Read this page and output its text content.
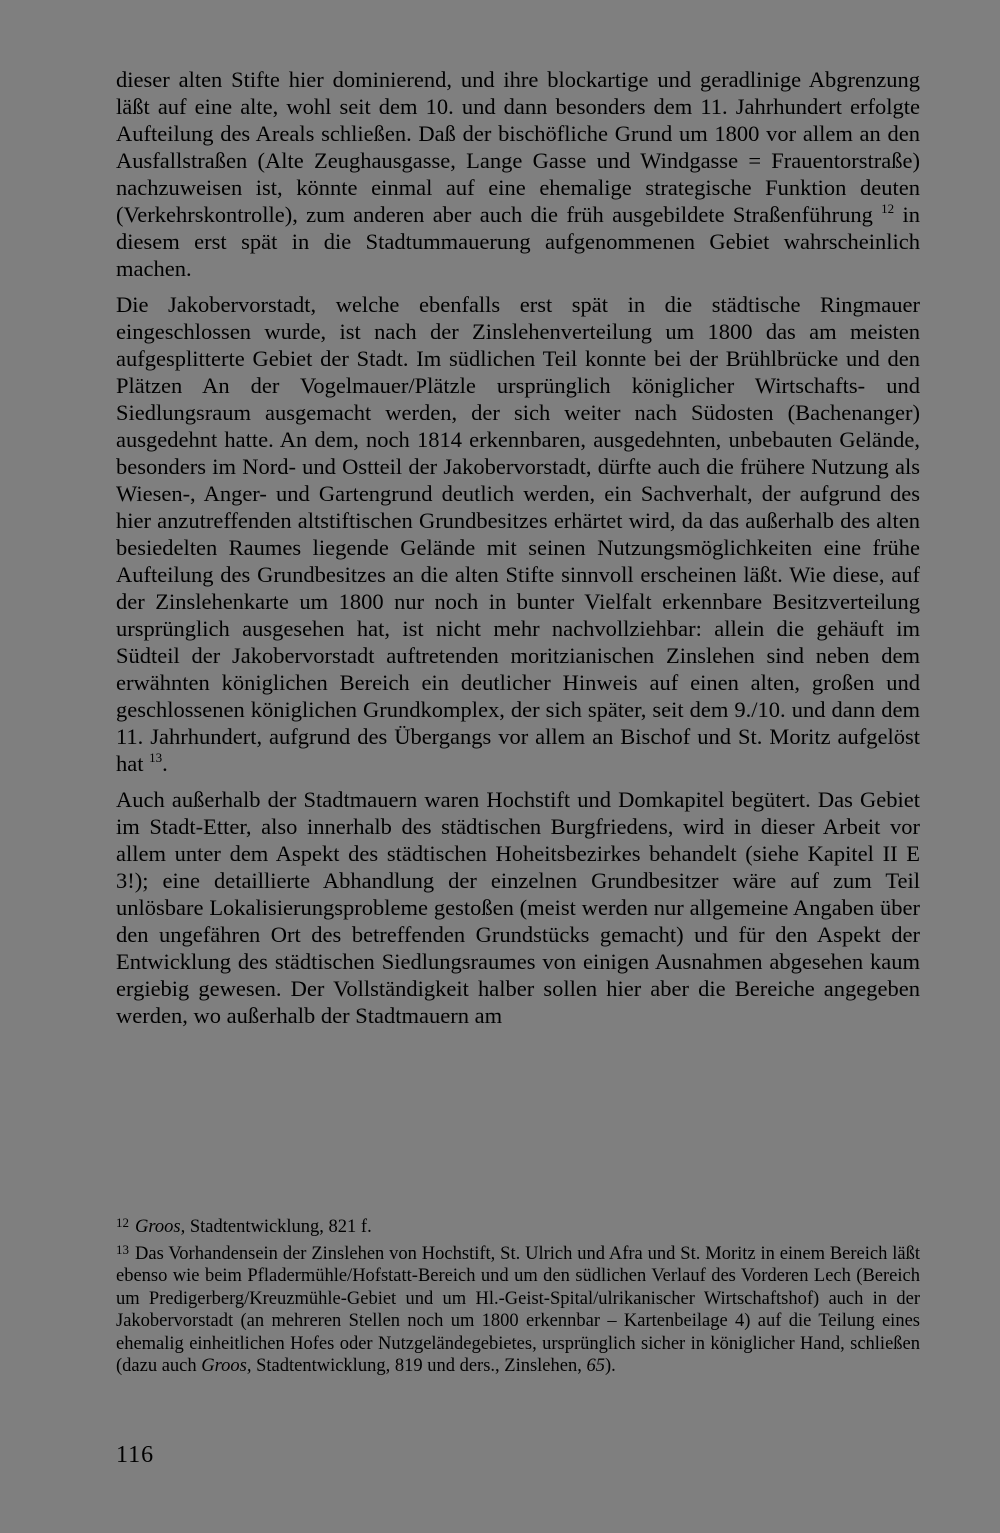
dieser alten Stifte hier dominierend, und ihre blockartige und geradlinige Abgrenzung läßt auf eine alte, wohl seit dem 10. und dann besonders dem 11. Jahrhundert erfolgte Aufteilung des Areals schließen. Daß der bischöfliche Grund um 1800 vor allem an den Ausfallstraßen (Alte Zeughausgasse, Lange Gasse und Windgasse = Frauentorstraße) nachzuweisen ist, könnte einmal auf eine ehemalige strategische Funktion deuten (Verkehrskontrolle), zum anderen aber auch die früh ausgebildete Straßenführung $^{12}$ in diesem erst spät in die Stadtummauerung aufgenommenen Gebiet wahrscheinlich machen.

Die Jakobervorstadt, welche ebenfalls erst spät in die städtische Ringmauer eingeschlossen wurde, ist nach der Zinslehenverteilung um 1800 das am meisten aufgesplitterte Gebiet der Stadt. Im südlichen Teil konnte bei der Brühlbrücke und den Plätzen An der Vogelmauer/Plätzle ursprünglich königlicher Wirtschafts- und Siedlungsraum ausgemacht werden, der sich weiter nach Südosten (Bachenanger) ausgedehnt hatte. An dem, noch 1814 erkennbaren, ausgedehnten, unbebauten Gelände, besonders im Nord- und Ostteil der Jakobervorstadt, dürfte auch die frühere Nutzung als Wiesen-, Anger- und Gartengrund deutlich werden, ein Sachverhalt, der aufgrund des hier anzutreffenden altstiftischen Grundbesitzes erhärtet wird, da das außerhalb des alten besiedelten Raumes liegende Gelände mit seinen Nutzungsmöglichkeiten eine frühe Aufteilung des Grundbesitzes an die alten Stifte sinnvoll erscheinen läßt. Wie diese, auf der Zinslehenkarte um 1800 nur noch in bunter Vielfalt erkennbare Besitzverteilung ursprünglich ausgesehen hat, ist nicht mehr nachvollziehbar: allein die gehäuft im Südteil der Jakobervorstadt auftretenden moritzianischen Zinslehen sind neben dem erwähnten königlichen Bereich ein deutlicher Hinweis auf einen alten, großen und geschlossenen königlichen Grundkomplex, der sich später, seit dem 9./10. und dann dem 11. Jahrhundert, aufgrund des Übergangs vor allem an Bischof und St. Moritz aufgelöst hat $^{13}$.

Auch außerhalb der Stadtmauern waren Hochstift und Domkapitel begütert. Das Gebiet im Stadt-Etter, also innerhalb des städtischen Burgfriedens, wird in dieser Arbeit vor allem unter dem Aspekt des städtischen Hoheitsbezirkes behandelt (siehe Kapitel II E 3!); eine detaillierte Abhandlung der einzelnen Grundbesitzer wäre auf zum Teil unlösbare Lokalisierungsprobleme gestoßen (meist werden nur allgemeine Angaben über den ungefähren Ort des betreffenden Grundstücks gemacht) und für den Aspekt der Entwicklung des städtischen Siedlungsraumes von einigen Ausnahmen abgesehen kaum ergiebig gewesen. Der Vollständigkeit halber sollen hier aber die Bereiche angegeben werden, wo außerhalb der Stadtmauern am

$^{12}$ Groos, Stadtentwicklung, 821 f.

$^{13}$ Das Vorhandensein der Zinslehen von Hochstift, St. Ulrich und Afra und St. Moritz in einem Bereich läßt ebenso wie beim Pfladermühle/Hofstatt-Bereich und um den südlichen Verlauf des Vorderen Lech (Bereich um Predigerberg/Kreuzmühle-Gebiet und um Hl.-Geist-Spital/ulrikanischer Wirtschaftshof) auch in der Jakobervorstadt (an mehreren Stellen noch um 1800 erkennbar – Kartenbeilage 4) auf die Teilung eines ehemalig einheitlichen Hofes oder Nutzgeländegebietes, ursprünglich sicher in königlicher Hand, schließen (dazu auch Groos, Stadtentwicklung, 819 und ders., Zinslehen, 65).

116
